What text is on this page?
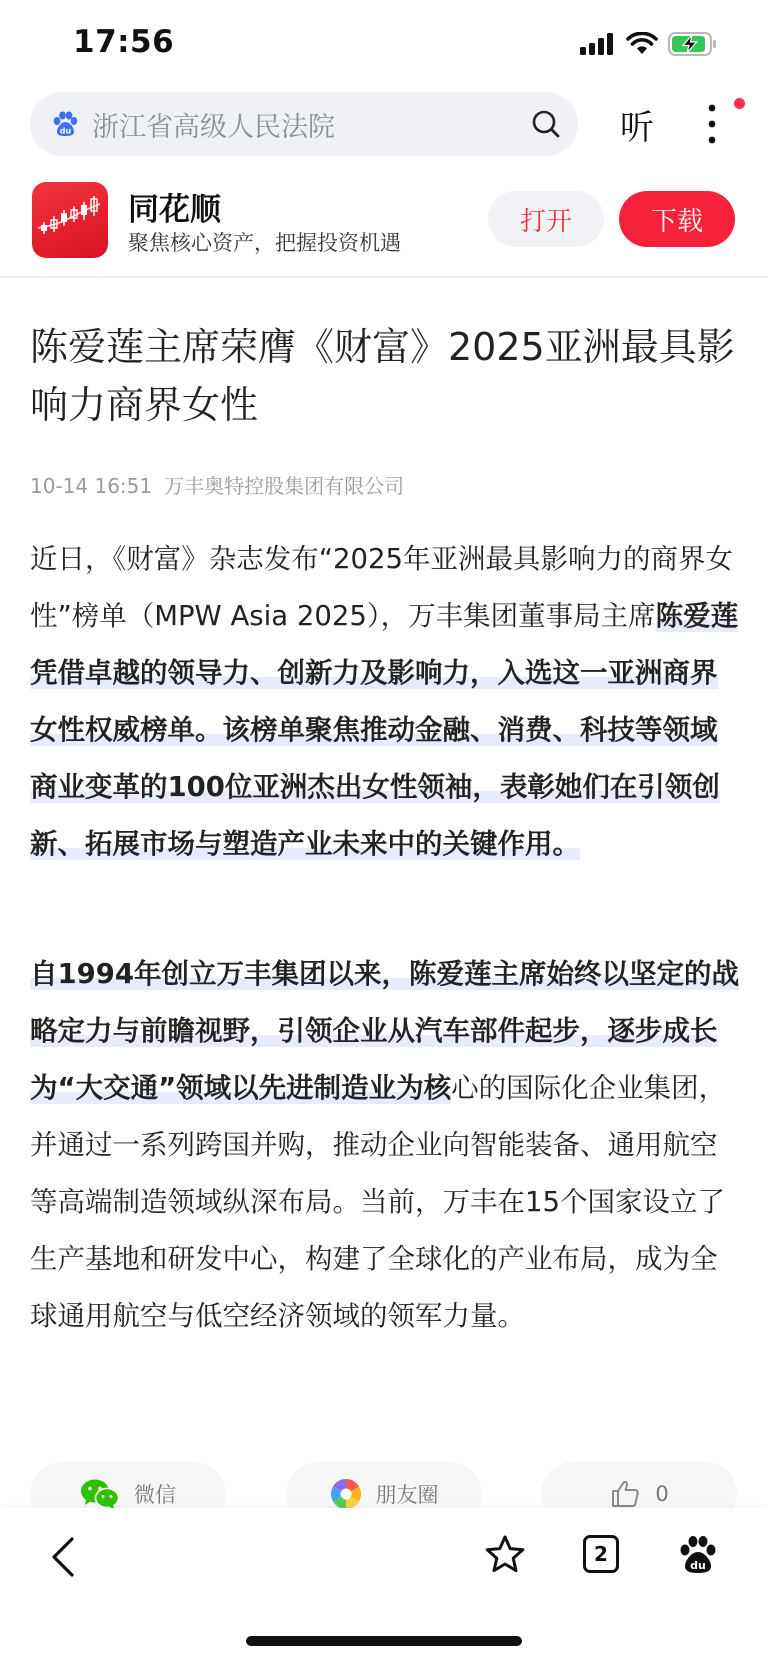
17:56
du 浙江省高级人民法院	听
同花顺
聚焦核心资产，把握投资机遇
打开	下载
陈爱莲主席荣膺《财富》2025亚洲最具影响力商界女性
10-14 16:51 万丰奥特控股集团有限公司
近日，《财富》杂志发布“2025年亚洲最具影响力的商界女性”榜单（MPW Asia 2025），万丰集团董事局主席陈爱莲凭借卓越的领导力、创新力及影响力，入选这一亚洲商界女性权威榜单。该榜单聚焦推动金融、消费、科技等领域商业变革的100位亚洲杰出女性领袖，表彰她们在引领创新、拓展市场与塑造产业未来中的关键作用。
自1994年创立万丰集团以来，陈爱莲主席始终以坚定的战略定力与前瞻视野，引领企业从汽车部件起步，逐步成长为“大交通”领域以先进制造业为核心的国际化企业集团，并通过一系列跨国并购，推动企业向智能装备、通用航空等高端制造领域纵深布局。当前，万丰在15个国家设立了生产基地和研发中心，构建了全球化的产业布局，成为全球通用航空与低空经济领域的领军力量。
微信	朋友圈	0
2	du
